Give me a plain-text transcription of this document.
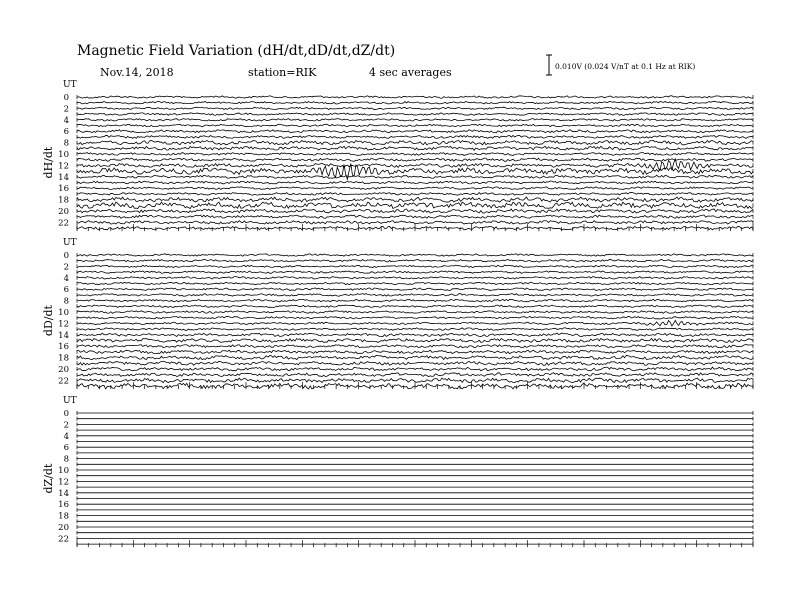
Magnetic Field Variation (dH/dt,dD/dt,dZ/dt)
Nov.14, 2018	station=RIK	4 sec averages	0.010V (0.024 V/nT at 0.1 Hz at RIK)
UT
dH/dt
0
2
4
6
8
10
12
14
16
18
20
22
UT
dD/dt
0
2
4
6
8
10
12
14
16
18
20
22
UT
dZ/dt
0
2
4
6
8
10
12
14
16
18
20
22
